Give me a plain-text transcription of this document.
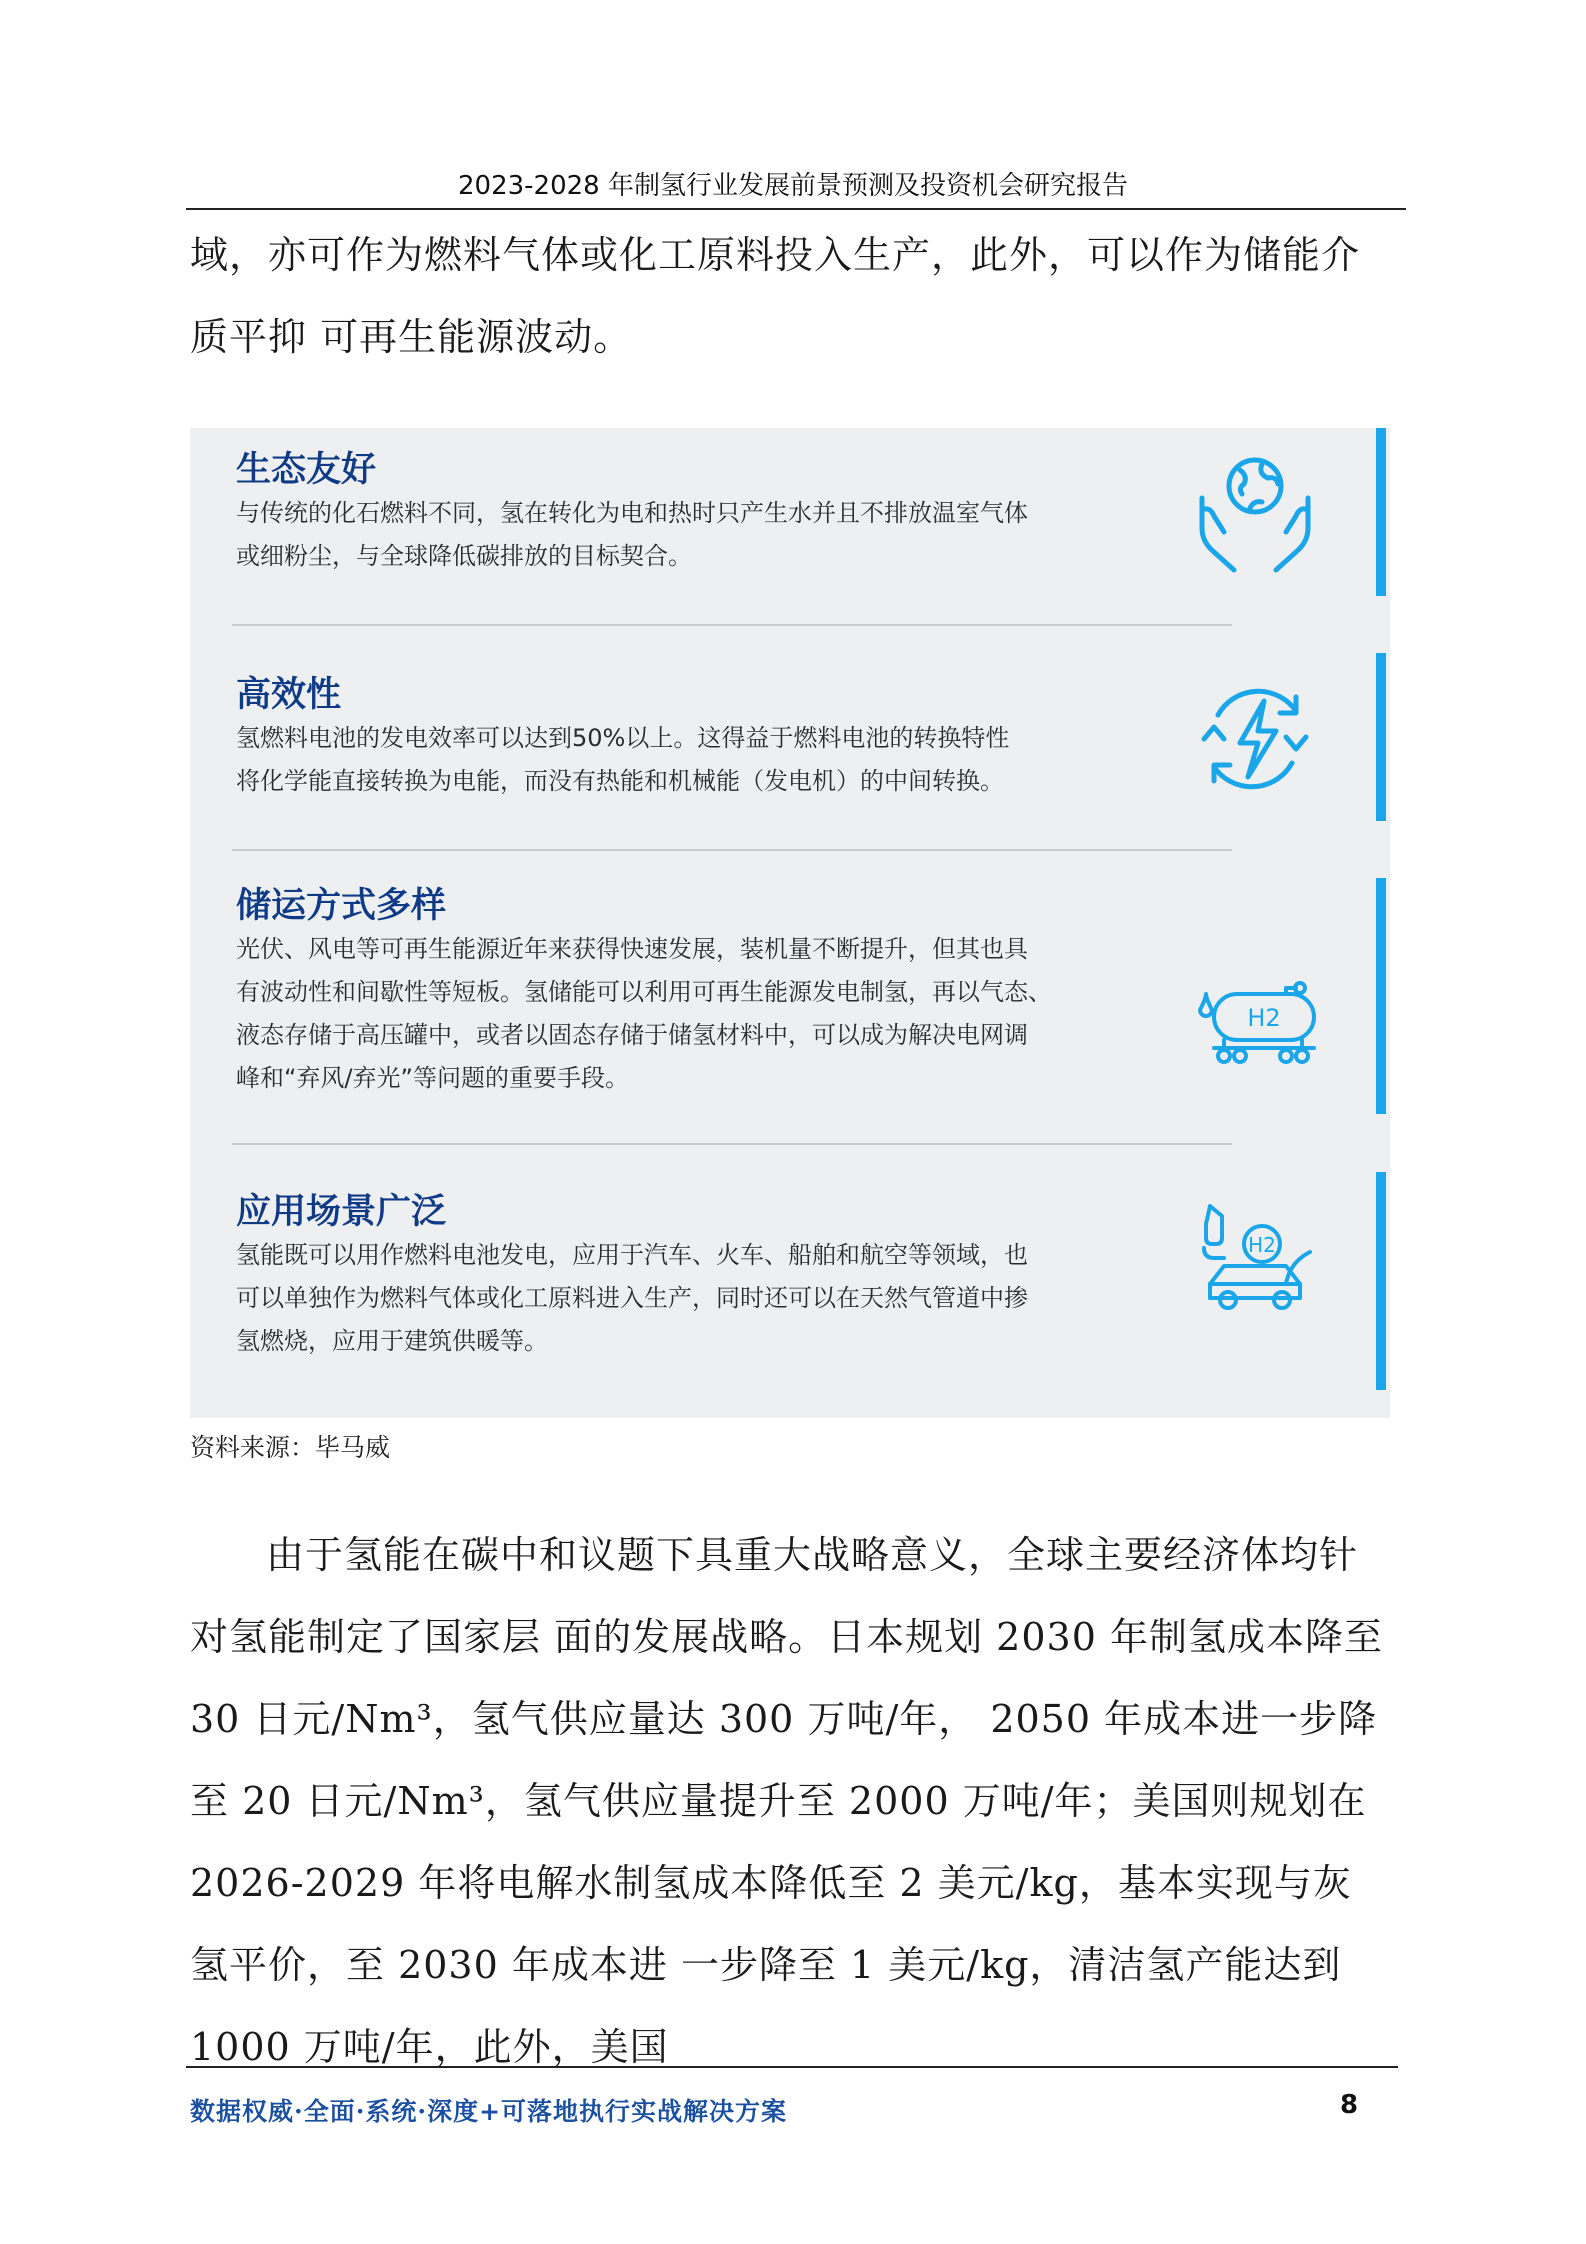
2023-2028 年制氢行业发展前景预测及投资机会研究报告
域，亦可作为燃料气体或化工原料投入生产，此外，可以作为储能介质平抑 可再生能源波动。
生态友好
与传统的化石燃料不同，氢在转化为电和热时只产生水并且不排放温室气体
或细粉尘，与全球降低碳排放的目标契合。
高效性
氢燃料电池的发电效率可以达到50%以上。这得益于燃料电池的转换特性
将化学能直接转换为电能，而没有热能和机械能（发电机）的中间转换。
储运方式多样
光伏、风电等可再生能源近年来获得快速发展，装机量不断提升，但其也具
有波动性和间歇性等短板。氢储能可以利用可再生能源发电制氢，再以气态、
液态存储于高压罐中，或者以固态存储于储氢材料中，可以成为解决电网调
峰和“弃风/弃光”等问题的重要手段。
H2
应用场景广泛
氢能既可以用作燃料电池发电，应用于汽车、火车、船舶和航空等领域，也
可以单独作为燃料气体或化工原料进入生产，同时还可以在天然气管道中掺
氢燃烧，应用于建筑供暖等。
H2
资料来源：毕马威
由于氢能在碳中和议题下具重大战略意义，全球主要经济体均针对氢能制定了国家层 面的发展战略。日本规划 2030 年制氢成本降至 30 日元/Nm³，氢气供应量达 300 万吨/年， 2050 年成本进一步降至 20 日元/Nm³，氢气供应量提升至 2000 万吨/年；美国则规划在 2026-2029 年将电解水制氢成本降低至 2 美元/kg，基本实现与灰氢平价，至 2030 年成本进 一步降至 1 美元/kg，清洁氢产能达到 1000 万吨/年，此外，美国
数据权威·全面·系统·深度+可落地执行实战解决方案	8
